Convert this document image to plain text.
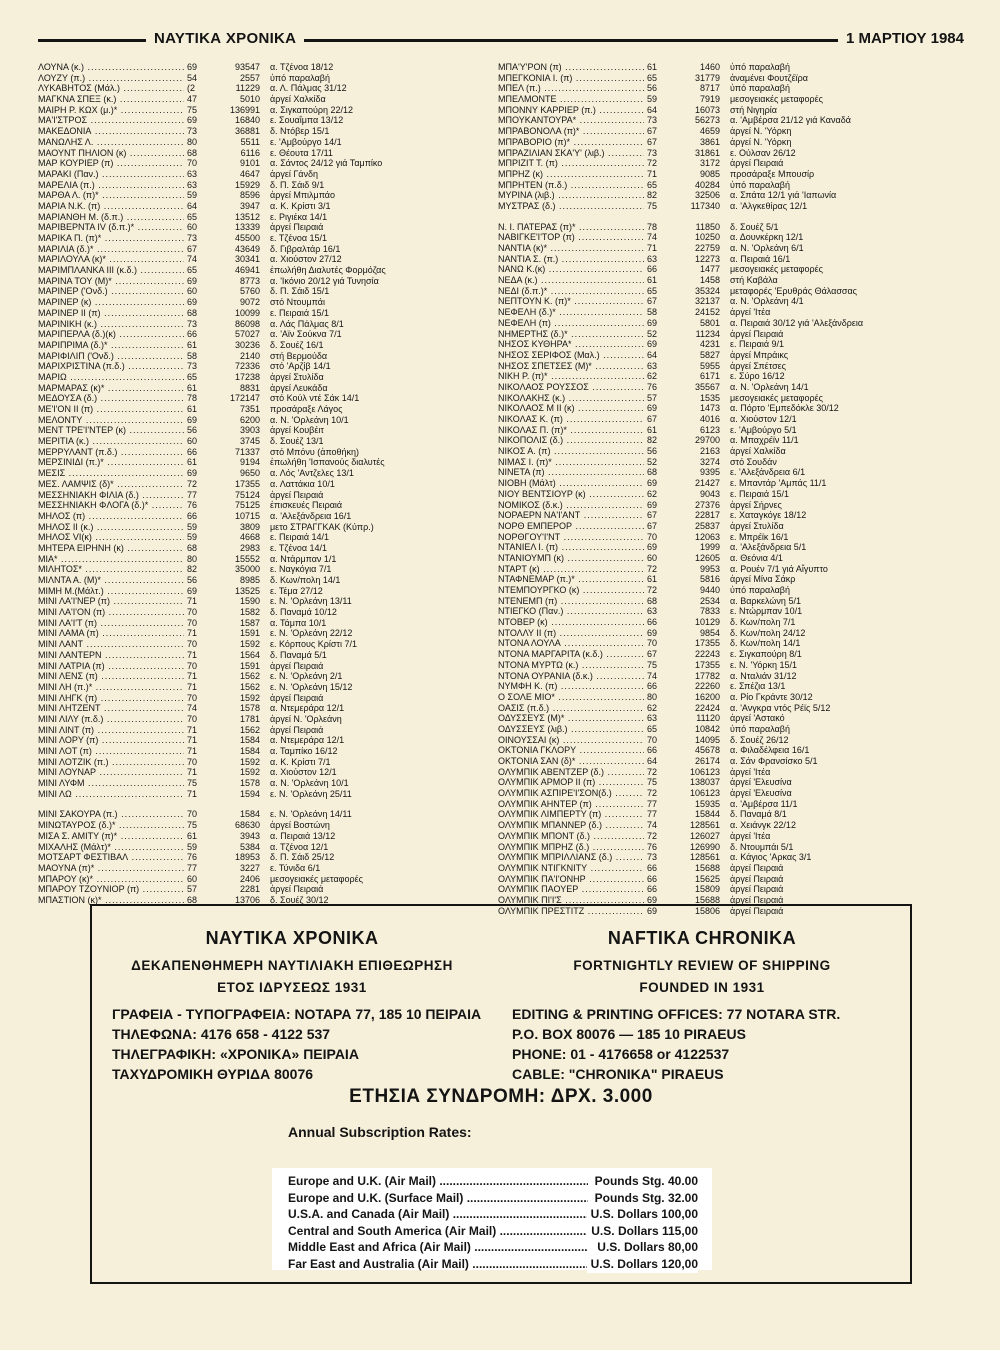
ΝΑΥΤΙΚΑ ΧΡΟΝΙΚΑ	1 ΜΑΡΤΙΟΥ 1984
ΛΟΥΝΑ (κ.) .....	69	93547 α. Τζένοα 18/12
ΛΟΥΖΥ (π.) .....	54	2557 ὑπό παραλαβή
ΛΥΚΑΒΗΤΟΣ (Μάλ.) .....	(2	11229 α. Λ. Πάλμας 31/12
ΜΑΓΚΝΑ ΣΠΕΞ (κ.) .....	47	5010 ἀργεί Χαλκίδα
ΜΑΙΡΗ Ρ. ΚΩΧ (μ.)* .....	75	136991 α. Σιγκαπούρη 22/12
ΜΑ'Ι'ΣΤΡΟΣ .....	69	16840 ε. Σουαΐμπα 13/12
ΜΑΚΕΔΟΝΙΑ .....	73	36881 δ. Ντόβερ 15/1
ΜΑΝΩΛΗΣ Λ. .....	80	5511 ε. 'Αμβούργο 14/1
ΜΑΟΥΝΤ ΠΗΛΙΟΝ (κ) .....	68	6116 ε. Θέουτα 17/11
ΜΑΡ ΚΟΥΡΙΕΡ (π) .....	70	9101 α. Σάντος 24/12 γιά Ταμπίκο
ΜΑΡΑΚΙ (Παν.) .....	63	4647 ἀργεί Γάνδη
ΜΑΡΕΛΙΑ (π.) .....	63	15929 δ. Π. Σάιδ 9/1
ΜΑΡΘΑ Λ. (π)* .....	59	8596 ἀργεί Μπιλμπάο
ΜΑΡΙΑ Ν.Κ. (π) .....	64	3947 α. Κ. Κρίστι 3/1
ΜΑΡΙΑΝΘΗ Μ. (δ.π.) .....	65	13512 ε. Ριγιέκα 14/1
ΜΑΡΙΒΕΡΝΤΑ IV (δ.π.)* .....	60	13339 ἀργεί Πειραιά
ΜΑΡΙΚΑ Π. (π)* .....	73	45500 ε. Τζένοα 15/1
ΜΑΡΙΛΙΑ (δ.)* .....	67	43649 δ. Γιβραλτάρ 16/1
ΜΑΡΙΛΟΥΛΑ (κ)* .....	74	30341 α. Χιούστον 27/12
ΜΑΡΙΜΠΛΑΝΚΑ III (κ.δ.) .....	65	46941 ἐπωλήθη Διαλυτές Φορμόζας
ΜΑΡΙΝΑ ΤΟΥ (Μ)* .....	69	8773 α. 'Ικόνιο 20/12 γιά Τυνησία
ΜΑΡΙΝΕΡ ('Ονδ.) .....	60	5760 δ. Π. Σάιδ 15/1
ΜΑΡΙΝΕΡ (κ) .....	69	9072 στό Ντουμπάι
ΜΑΡΙΝΕΡ II (π) .....	68	10099 ε. Πειραιά 15/1
ΜΑΡΙΝΙΚΗ (κ.) .....	73	86098 α. Λάς Πάλμας 8/1
ΜΑΡΙΠΕΡΛΑ (δ.)(κ) .....	66	57027 α. 'Αϊν Σούκνα 7/1
ΜΑΡΙΠΡΙΜΑ (δ.)* .....	61	30236 δ. Σουέζ 16/1
ΜΑΡΙΦΙΛΙΠ ('Ονδ.) .....	58	2140 στή Βερμούδα
ΜΑΡΙΧΡΙΣΤΙΝΑ (π.δ.) .....	73	72336 στό 'Αρζίβ 14/1
ΜΑΡΙΩ .....	65	17238 ἀργεί Στυλίδα
ΜΑΡΜΑΡΑΣ (κ)* .....	61	8831 ἀργεί Λευκάδα
ΜΕΔΟΥΣΑ (δ.) .....	78	172147 στό Κούλ ντέ Σάκ 14/1
ΜΕ'Ι'ΟΝ II (π) .....	61	7351 προσάραξε Λάγος
ΜΕΛΟΝΤΥ .....	69	6200 α. Ν. 'Ορλεάνη 10/1
ΜΕΝΤ ΤΡΕ'Ι'ΝΤΕΡ (κ) .....	56	3903 ἀργεί Κουβέιτ
ΜΕΡΙΤΙΑ (κ.) .....	60	3745 δ. Σουέζ 13/1
ΜΕΡΡΥΛΑΝΤ (π.δ.) .....	66	71337 στό Μπόνυ (ἀποθήκη)
ΜΕΡΣΙΝΙΔΙ (π.)* .....	61	9194 ἐπωλήθη 'Ισπανούς διαλυτές
ΜΕΣΙΣ .....	69	9650 α. Λός 'Αντζελες 13/1
ΜΕΣ. ΛΑΜΨΙΣ (δ)* .....	72	17355 α. Λαττάκια 10/1
ΜΕΣΣΗΝΙΑΚΗ ΦΙΛΙΑ (δ.) .....	77	75124 ἀργεί Πειραιά
ΜΕΣΣΗΝΙΑΚΗ ΦΛΟΓΑ (δ.)* .....	76	75125 ἐπισκευές Πειραιά
ΜΗΛΟΣ (π) .....	66	10715 α. 'Αλεξάνδρεια 16/1
ΜΗΛΟΣ ΙΙ (κ.) .....	59	3809 μετο ΣΤΡΑΓΓΚΑΚ (Κύπρ.)
ΜΗΛΟΣ VI(κ) .....	59	4668 ε. Πειραιά 14/1
ΜΗΤΕΡΑ ΕΙΡΗΝΗ (κ) .....	68	2983 ε. Τζένοα 14/1
ΜΙΑ* .....	80	15552 α. Ντάρμπαν 1/1
ΜΙΛΗΤΟΣ* .....	82	35000 ε. Ναγκόγια 7/1
ΜΙΛΝΤΑ Α. (Μ)* .....	56	8985 δ. Κων/πολη 14/1
ΜΙΜΗ Μ.(Μάλτ.) .....	69	13525 ε. Τέμα 27/12
ΜΙΝΙ ΛΑ'Ι'ΝΕΡ (π) .....	71	1590 ε. Ν. 'Ορλεάνη 13/11
ΜΙΝΙ ΛΑ'Ι'ΟΝ (π) .....	70	1582 δ. Παναμά 10/12
ΜΙΝΙ ΛΑ'Ι'Τ (π) .....	70	1587 α. Τάμπα 10/1
ΜΙΝΙ ΛΑΜΑ (π) .....	71	1591 ε. Ν. 'Ορλεάνη 22/12
ΜΙΝΙ ΛΑΝΤ .....	70	1592 ε. Κόρπους Κρίστι 7/1
ΜΙΝΙ ΛΑΝΤΕΡΝ .....	71	1564 δ. Παναμά 5/1
ΜΙΝΙ ΛΑΤΡΙΑ (π) .....	70	1591 ἀργεί Πειραιά
ΜΙΝΙ ΛΕΝΣ (π) .....	71	1562 ε. Ν. 'Ορλεάνη 2/1
ΜΙΝΙ ΛΗ (π.)* .....	71	1562 ε. Ν. 'Ορλεάνη 15/12
ΜΙΝΙ ΛΗΓΚ (π) .....	70	1592 ἀργεί Πειραιά
ΜΙΝΙ ΛΗΤΖΕΝΤ .....	74	1578 α. Ντεμεράρα 12/1
ΜΙΝΙ ΛΙΛΥ (π.δ.) .....	70	1781 ἀργεί Ν. 'Ορλεάνη
ΜΙΝΙ ΛΙΝΤ (π) .....	71	1562 ἀργεί Πειραιά
ΜΙΝΙ ΛΟΡΥ (π) .....	71	1584 α. Ντεμεράρα 12/1
ΜΙΝΙ ΛΟΤ (π) .....	71	1584 α. Ταμπίκο 16/12
ΜΙΝΙ ΛΟΤΖΙΚ (π.) .....	70	1592 α. Κ. Κρίστι 7/1
ΜΙΝΙ ΛΟΥΝΑΡ .....	71	1592 α. Χιούστον 12/1
ΜΙΝΙ ΛΥΦΜ .....	75	1578 α. Ν. 'Ορλεάνη 10/1
ΜΙΝΙ ΛΩ .....	71	1594 ε. Ν. 'Ορλεάνη 25/11
ΜΙΝΙ ΣΑΚΟΥΡΑ (π.) .....	70	1584 ε. Ν. 'Ορλεάνη 14/11
ΜΙΝΩΤΑΥΡΟΣ (δ.)* .....	75	68630 ἀργεί Βοστώνη
ΜΙΣΑ Σ. ΑΜΙΤΥ (π)* .....	61	3943 α. Πειραιά 13/12
ΜΙΧΑΛΗΣ (Μάλτ)* .....	59	5384 α. Τζένοα 12/1
ΜΟΤΣΑΡΤ ΦΕΣΤΙΒΑΛ .....	76	18953 δ. Π. Σάιδ 25/12
ΜΑΟΥΝΑ (π)* .....	77	3227 ε. Τύνιδα 6/1
ΜΠΑΡΟΥ (κ)* .....	60	2406 μεσογειακές μεταφορές
ΜΠΑΡΟΥ ΤΖΟΥΝΙΟΡ (π) .....	57	2281 ἀργεί Πειραιά
ΜΠΑΣΤΙΟΝ (κ)* .....	68	13706 δ. Σουέζ 30/12
ΜΠΑ'Υ'ΡΟΝ (π) .....	61	1460 ὑπό παραλαβή
ΜΠΕΓΚΟΝΙΑ I. (π) .....	65	31779 ἀναμένει Φουτζέϊρα
ΜΠΕΛ (π.) .....	56	8717 ὑπό παραλαβή
ΜΠΕΛΜΟΝΤΕ .....	59	7919 μεσογειακές μεταφορές
ΜΠΟΝΝΥ ΚΑΡΡΙΕΡ (π.) .....	64	16073 στή Νιγηρία
ΜΠΟΥΚΑΝΤΟΥΡΑ* .....	73	56273 α. 'Αμβέρσα 21/12 γιά Καναδά
ΜΠΡΑΒΟΝΟΛΑ (π)* .....	67	4659 ἀργεί Ν. 'Υόρκη
ΜΠΡΑΒΟΡΙΟ (π)* .....	67	3861 ἀργεί Ν. 'Υόρκη
ΜΠΡΑΖΙΛΙΑΝ ΣΚΑ'Υ' (λιβ.) .....	73	31861 ε. Ούλσαν 26/12
ΜΠΡΙΖΙΤ Τ. (π) .....	72	3172 ἀργεί Πειραιά
ΜΠΡΗΖ (κ) .....	71	9085 προσάραξε Μπουσίρ
ΜΠΡΗΤΕΝ (π.δ.) .....	65	40284 ὑπό παραλαβή
ΜΥΡΙΝΑ (λιβ.) .....	82	32506 α. Σπάτα 12/1 γιά 'Ιαπωνία
ΜΥΣΤΡΑΣ (δ.) .....	75	117340 α. 'Αλγκεθίρας 12/1
Ν. Ι. ΠΑΤΕΡΑΣ (π)* .....	78	11850 δ. Σουέζ 5/1
ΝΑΒΙΓΚΕ'Ι'ΤΟΡ (π) .....	74	10250 α. Δουνκέρκη 12/1
ΝΑΝΤΙΑ (κ)* .....	71	22759 α. Ν. 'Ορλεάνη 6/1
ΝΑΝΤΙΑ Σ. (π.) .....	63	12273 α. Πειραιά 16/1
ΝΑΝΩ Κ.(κ) .....	66	1477 μεσογειακές μεταφορές
ΝΕΔΑ (κ.) .....	61	1458 στή Καβάλα
ΝΕΔΙ (δ.π.)* .....	65	35324 μεταφορές 'Ερυθράς Θάλασσας
ΝΕΠΤΟΥΝ Κ. (π)* .....	67	32137 α. Ν. 'Ορλεάνη 4/1
ΝΕΦΕΛΗ (δ.)* .....	58	24152 ἀργεί 'Ιτέα
ΝΕΦΕΛΗ (π) .....	69	5801 α. Πειραιά 30/12 γιά 'Αλεξάνδρεια
ΝΗΜΕΡΤΗΣ (δ.)* .....	52	11234 ἀργεί Πειραιά
ΝΗΣΟΣ ΚΥΘΗΡΑ* .....	69	4231 ε. Πειραιά 9/1
ΝΗΣΟΣ ΣΕΡΙΦΟΣ (Μαλ.) .....	64	5827 ἀργεί Μπράικς
ΝΗΣΟΣ ΣΠΕΤΣΕΣ (Μ)* .....	63	5955 ἀργεί Σπέτσες
ΝΙΚΗ Ρ. (π)* .....	62	6171 ε. Σύρο 16/12
ΝΙΚΟΛΑΟΣ ΡΟΥΣΣΟΣ .....	76	35567 α. Ν. 'Ορλεάνη 14/1
ΝΙΚΟΛΑΚΗΣ (κ.) .....	57	1535 μεσογειακές μεταφορές
ΝΙΚΟΛΑΟΣ Μ II (κ) .....	69	1473 α. Πόρτο 'Εμπεδόκλε 30/12
ΝΙΚΟΛΑΣ Κ. (π) .....	67	4016 α. Χιούστον 12/1
ΝΙΚΟΛΑΣ Π. (π)* .....	61	6123 ε. 'Αμβούργο 5/1
ΝΙΚΟΠΟΛΙΣ (δ.) .....	82	29700 α. Μπαχρέϊν 11/1
ΝΙΚΟΣ Α. (π) .....	56	2163 ἀργεί Χαλκίδα
ΝΙΜΑΣ Ι. (π)* .....	52	3274 στό Σουδάν
ΝΙΝΕΤΑ (π) .....	68	9395 ε. 'Αλεξάνδρεια 6/1
ΝΙΟΒΗ (Μάλτ) .....	69	21427 ε. Μπαντάρ 'Αμπάς 11/1
ΝΙΟΥ ΒΕΝΤΣΙΟΥΡ (κ) .....	62	9043 ε. Πειραιά 15/1
ΝΟΜΙΚΟΣ (δ.κ.) .....	69	27376 ἀργεί Σήρνες
ΝΟΡΑΕΡΝ ΝΑ'Ι'ΑΝΤ .....	67	22817 ε. Χαταγκόγε 18/12
ΝΟΡΘ ΕΜΠΕΡΟΡ .....	67	25837 ἀργεί Στυλίδα
ΝΟΡΘΓΟΥ'Ι'ΝΤ .....	70	12063 ε. Μπρέϊκ 16/1
ΝΤΑΝΙΕΛ Ι. (π) .....	69	1999 α. 'Αλεξάνδρεια 5/1
ΝΤΑΝΙΟΥΜΠ (κ) .....	60	12605 α. Θεόνια 4/1
ΝΤΑΡΤ (κ) .....	72	9953 α. Ρουέν 7/1 γιά Αἴγυπτο
ΝΤΑΦΝΕΜΑΡ (π.)* .....	61	5816 ἀργεί Μίνα Σάκρ
ΝΤΕΜΠΟΥΡΓΚΟ (κ) .....	72	9440 ὑπό παραλαβή
ΝΤΕΝΕΜΠ (π) .....	68	2534 α. Βαρκελώνη 5/1
ΝΤΙΕΓΚΟ (Παν.) .....	63	7833 ε. Ντώρμπαν 10/1
ΝΤΟΒΕΡ (κ) .....	66	10129 δ. Κων/πολη 7/1
ΝΤΟΛΛΥ ΙΙ (π) .....	69	9854 δ. Κων/πολη 24/12
ΝΤΟΝΑ ΛΟΥΛΑ .....	70	17355 δ. Κων/πολη 14/1
ΝΤΟΝΑ ΜΑΡΓΑΡΙΤΑ (κ.δ.) .....	67	22243 ε. Σιγκαπούρη 8/1
ΝΤΟΝΑ ΜΥΡΤΩ (κ.) .....	75	17355 ε. Ν. 'Υόρκη 15/1
ΝΤΟΝΑ ΟΥΡΑΝΙΑ (δ.κ.) .....	74	17782 α. Νταλιάν 31/12
ΝΥΜΦΗ Κ. (π) .....	66	22260 ε. Σπέζια 13/1
Ο ΣΟΛΕ ΜΙΟ* .....	80	16200 α. Ρίο Γκράντε 30/12
ΟΑΣΙΣ (π.δ.) .....	62	22424 α. 'Ανγκρα ντός Ρέϊς 5/12
ΟΔΥΣΣΕΥΣ (Μ)* .....	63	11120 ἀργεί 'Αστακό
ΟΔΥΣΣΕΥΣ (λιβ.) .....	65	10842 ὑπό παραλαβή
ΟΙΝΟΥΣΣΑΙ (κ) .....	70	14095 δ. Σουέζ 26/12
ΟΚΤΟΝΙΑ ΓΚΛΟΡΥ .....	66	45678 α. Φιλαδέλφεια 16/1
ΟΚΤΟΝΙΑ ΣΑΝ (δ)* .....	64	26174 α. Σάν Φρανσίσκο 5/1
ΟΛΥΜΠΙΚ ΑΒΕΝΤΖΕΡ (δ.) .....	72	106123 ἀργεί 'Ιτέα
ΟΛΥΜΠΙΚ ΑΡΜΟΡ ΙΙ (π) .....	75	138037 ἀργεί 'Ελευσίνα
ΟΛΥΜΠΙΚ ΑΣΠΙΡΕ'Ι'ΣΟΝ(δ.) .....	72	106123 ἀργεί 'Ελευσίνα
ΟΛΥΜΠΙΚ ΑΗΝΤΕΡ (π) .....	77	15935 α. 'Αμβέρσα 11/1
ΟΛΥΜΠΙΚ ΛΙΜΠΕΡΤΥ (π) .....	77	15844 δ. Παναμά 8/1
ΟΛΥΜΠΙΚ ΜΠΑΝΝΕΡ (δ.) .....	74	128561 α. Χειάνγκ 22/12
ΟΛΥΜΠΙΚ ΜΠΟΝΤ (δ.) .....	72	126027 ἀργεί 'Ιτέα
ΟΛΥΜΠΙΚ ΜΠΡΗΖ (δ.) .....	76	126990 δ. Ντουμπάι 5/1
ΟΛΥΜΠΙΚ ΜΠΡΙΛΛΙΑΝΣ (δ.) .....	73	128561 α. Κάγιος 'Αρκας 3/1
ΟΛΥΜΠΙΚ ΝΤΙΓΚΝΙΤΥ .....	66	15688 ἀργεί Πειραιά
ΟΛΥΜΠΙΚ ΠΑ'Ι'ΟΝΗΡ .....	66	15625 ἀργεί Πειραιά
ΟΛΥΜΠΙΚ ΠΑΟΥΕΡ .....	66	15809 ἀργεί Πειραιά
ΟΛΥΜΠΙΚ ΠΙ'Ι'Σ .....	69	15688 ἀργεί Πειραιά
ΟΛΥΜΠΙΚ ΠΡΕΣΤΙΤΖ .....	69	15806 ἀργεί Πειραιά
ΝΑΥΤΙΚΑ ΧΡΟΝΙΚΑ
ΔΕΚΑΠΕΝΘΗΜΕΡΗ ΝΑΥΤΙΛΙΑΚΗ ΕΠΙΘΕΩΡΗΣΗ
ΕΤΟΣ ΙΔΡΥΣΕΩΣ 1931
ΓΡΑΦΕΙΑ - ΤΥΠΟΓΡΑΦΕΙΑ: ΝΟΤΑΡΑ 77, 185 10 ΠΕΙΡΑΙΑ
ΤΗΛΕΦΩΝΑ: 4176 658 - 4122 537
ΤΗΛΕΓΡΑΦΙΚΗ: «ΧΡΟΝΙΚΑ» ΠΕΙΡΑΙΑ
ΤΑΧΥΔΡΟΜΙΚΗ ΘΥΡΙΔΑ 80076
NAFTIKA CHRONIKA
FORTNIGHTLY REVIEW OF SHIPPING
FOUNDED IN 1931
EDITING & PRINTING OFFICES: 77 NOTARA STR.
P.O. BOX 80076 — 185 10 PIRAEUS
PHONE: 01 - 4176658 or 4122537
CABLE: "CHRONIKA" PIRAEUS
ΕΤΗΣΙΑ ΣΥΝΔΡΟΜΗ: ΔΡΧ. 3.000
Annual Subscription Rates:
Europe and U.K. (Air Mail) .....	Pounds Stg. 40.00
Europe and U.K. (Surface Mail) .....	Pounds Stg. 32.00
U.S.A. and Canada (Air Mail) .....	U.S. Dollars 100,00
Central and South America (Air Mail) .....	U.S. Dollars 115,00
Middle East and Africa (Air Mail) .....	U.S. Dollars 80,00
Far East and Australia (Air Mail) .....	U.S. Dollars 120,00
